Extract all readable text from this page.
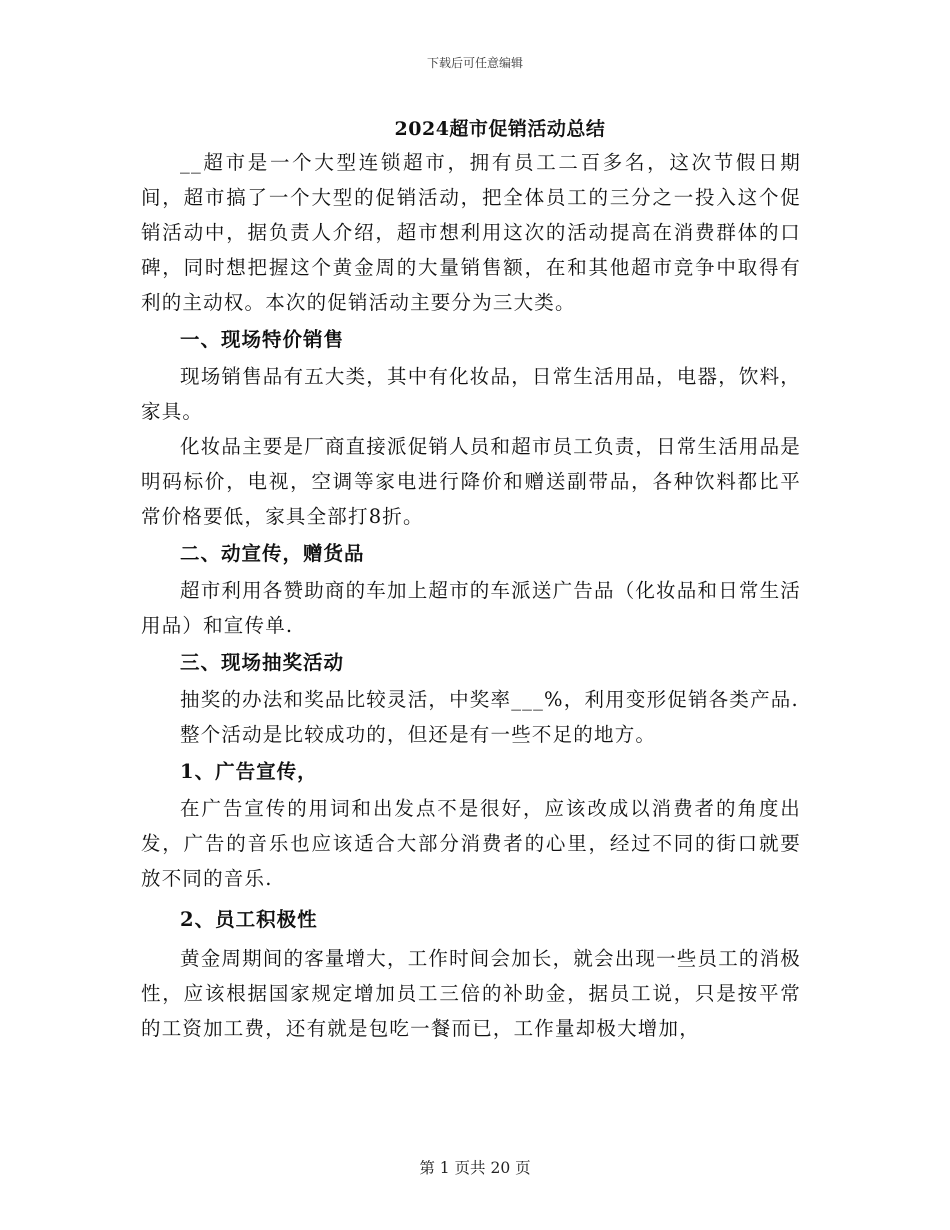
下载后可任意编辑
2024超市促销活动总结

__超市是一个大型连锁超市，拥有员工二百多名，这次节假日期间，超市搞了一个大型的促销活动，把全体员工的三分之一投入这个促销活动中，据负责人介绍，超市想利用这次的活动提高在消费群体的口碑，同时想把握这个黄金周的大量销售额，在和其他超市竞争中取得有利的主动权。本次的促销活动主要分为三大类。

一、现场特价销售

现场销售品有五大类，其中有化妆品，日常生活用品，电器，饮料，家具。

化妆品主要是厂商直接派促销人员和超市员工负责，日常生活用品是明码标价，电视，空调等家电进行降价和赠送副带品，各种饮料都比平常价格要低，家具全部打8折。

二、动宣传，赠货品

超市利用各赞助商的车加上超市的车派送广告品（化妆品和日常生活用品）和宣传单.

三、现场抽奖活动

抽奖的办法和奖品比较灵活，中奖率___%，利用变形促销各类产品.

整个活动是比较成功的，但还是有一些不足的地方。

1、广告宣传，

在广告宣传的用词和出发点不是很好，应该改成以消费者的角度出发，广告的音乐也应该适合大部分消费者的心里，经过不同的街口就要放不同的音乐.

2、员工积极性

黄金周期间的客量增大，工作时间会加长，就会出现一些员工的消极性，应该根据国家规定增加员工三倍的补助金，据员工说，只是按平常的工资加工费，还有就是包吃一餐而已，工作量却极大增加，

第 1 页共 20 页
